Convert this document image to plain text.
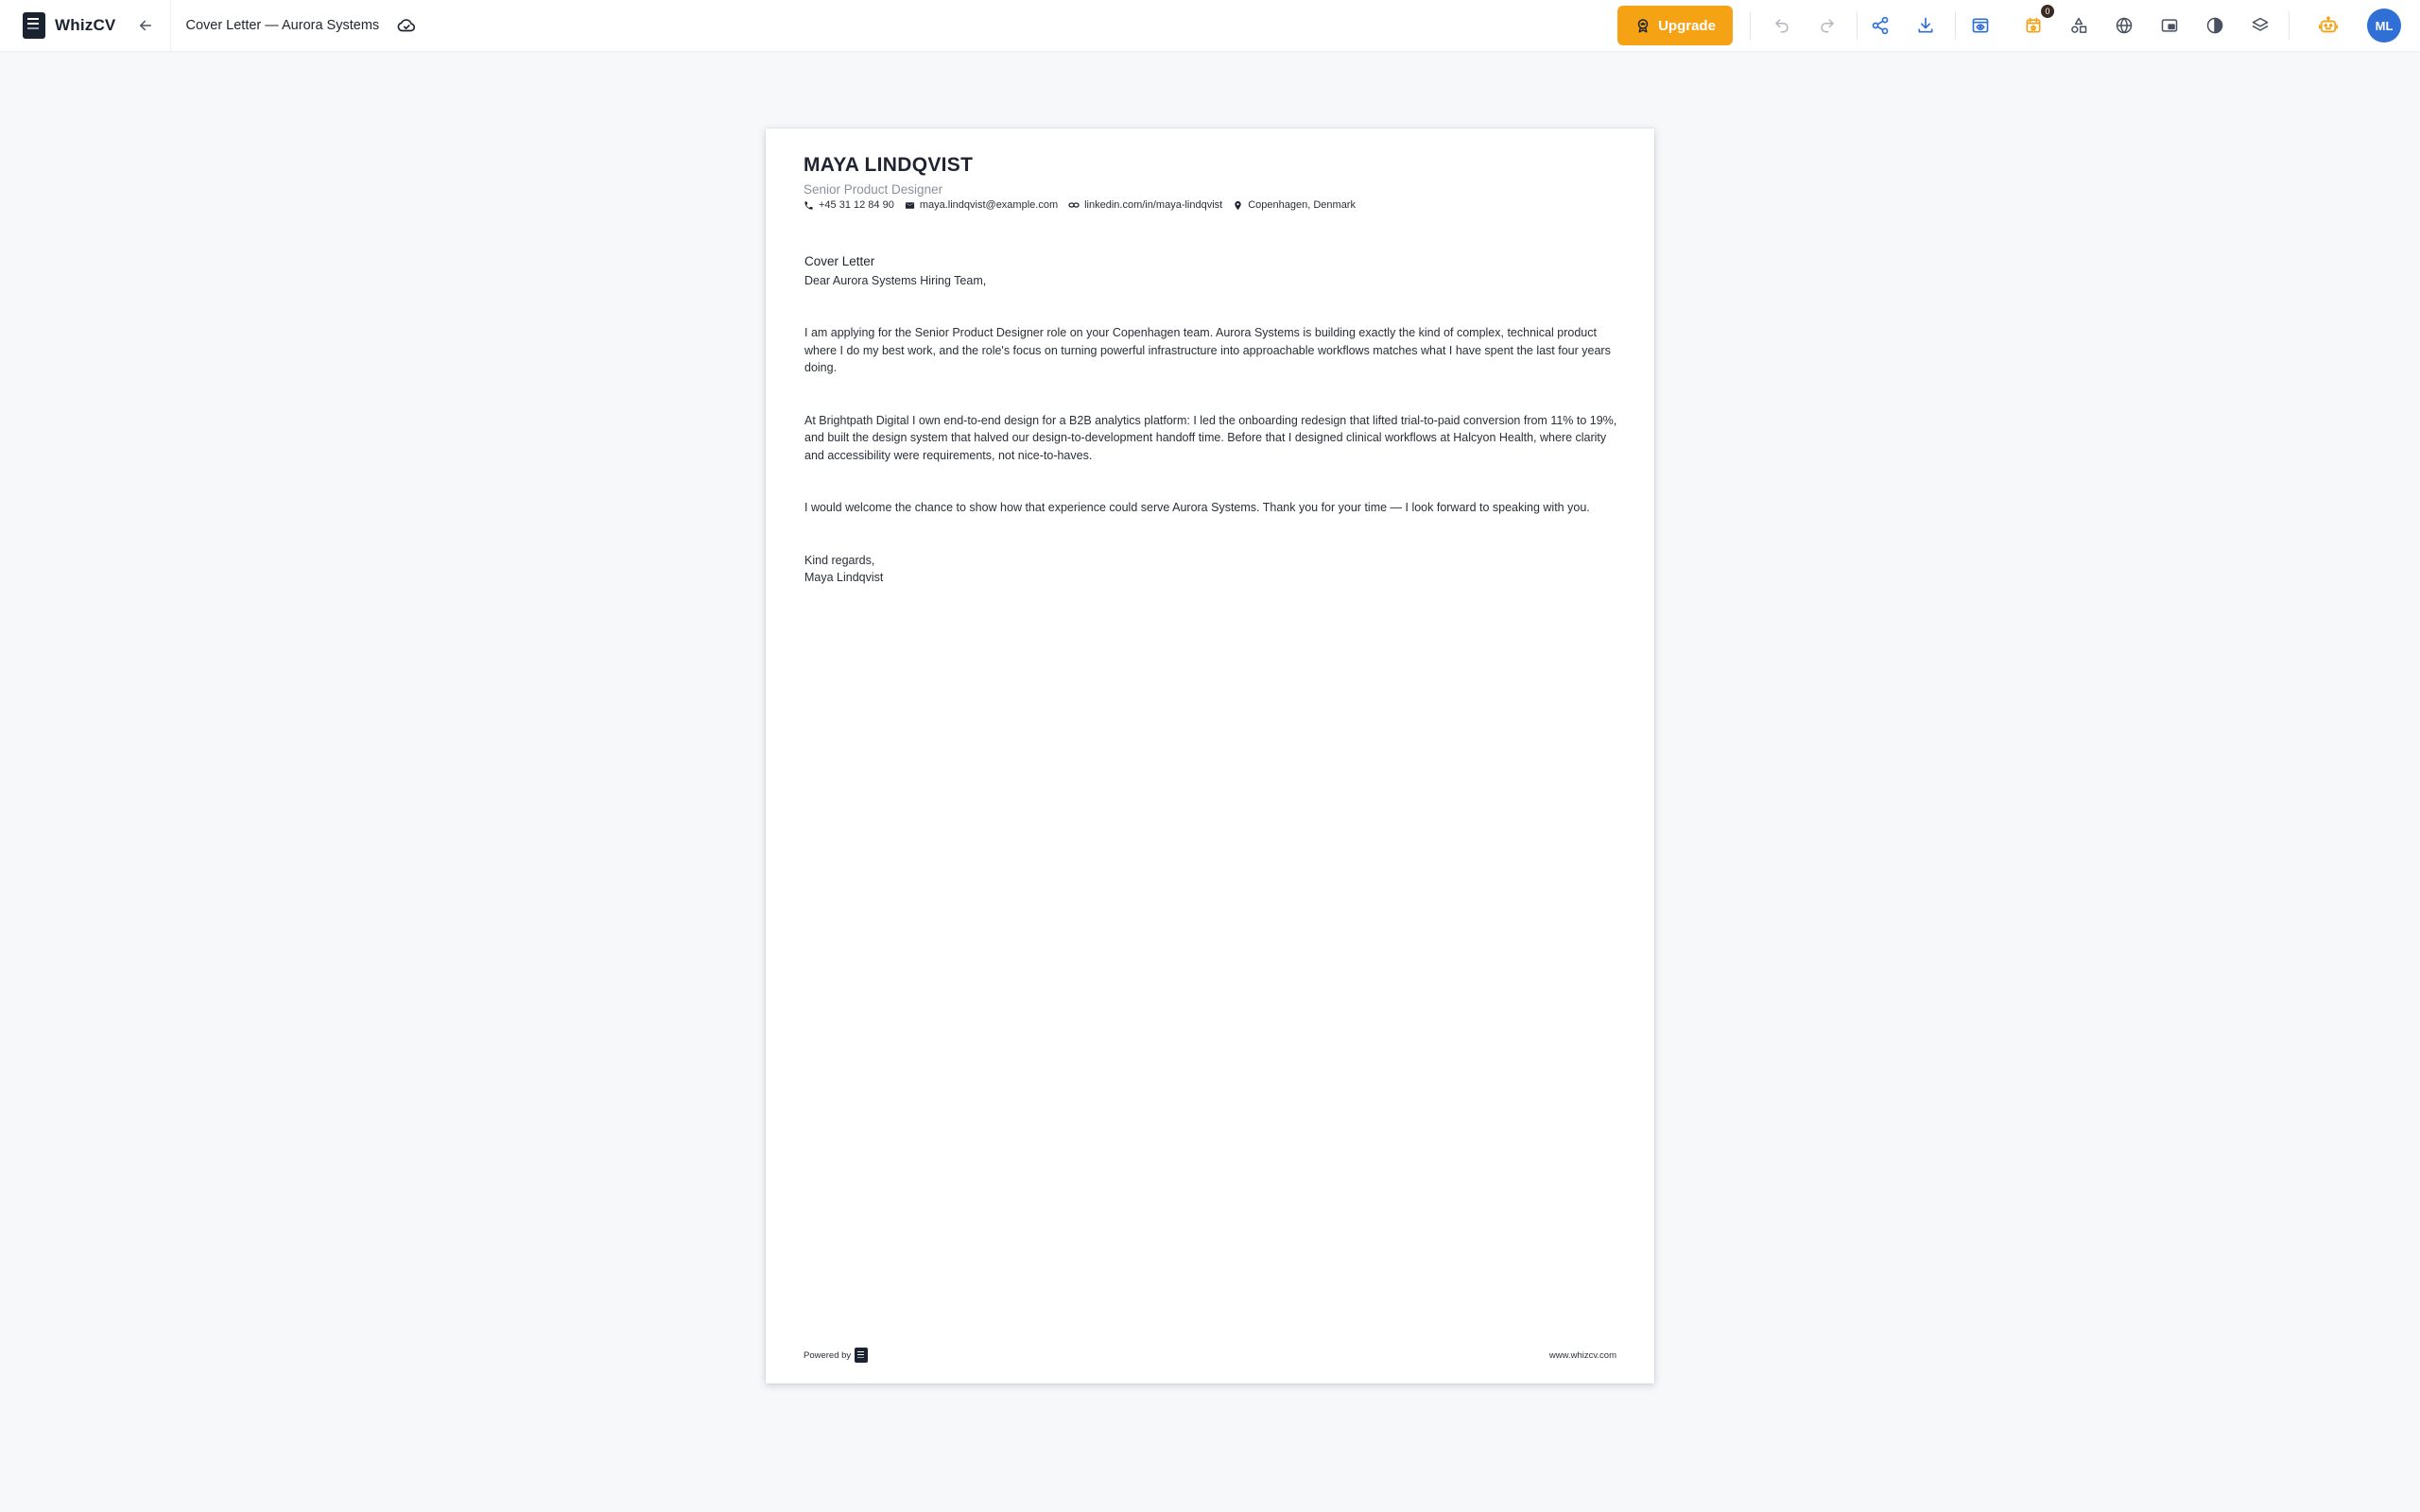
WhizCV	Cover Letter — Aurora Systems	Upgrade
0
ML
MAYA LINDQVIST
Senior Product Designer
+45 31 12 84 90 maya.lindqvist@example.com	linkedin.com/in/maya-lindqvist Copenhagen, Denmark
Cover Letter
Dear Aurora Systems Hiring Team,

I am applying for the Senior Product Designer role on your Copenhagen team. Aurora Systems is building exactly the kind of complex, technical product where I do my best work, and the role's focus on turning powerful infrastructure into approachable workflows matches what I have spent the last four years doing.

At Brightpath Digital I own end-to-end design for a B2B analytics platform: I led the onboarding redesign that lifted trial-to-paid conversion from 11% to 19%, and built the design system that halved our design-to-development handoff time. Before that I designed clinical workflows at Halcyon Health, where clarity and accessibility were requirements, not nice-to-haves.

I would welcome the chance to show how that experience could serve Aurora Systems. Thank you for your time — I look forward to speaking with you.

Kind regards,
Maya Lindqvist
Powered by	www.whizcv.com
